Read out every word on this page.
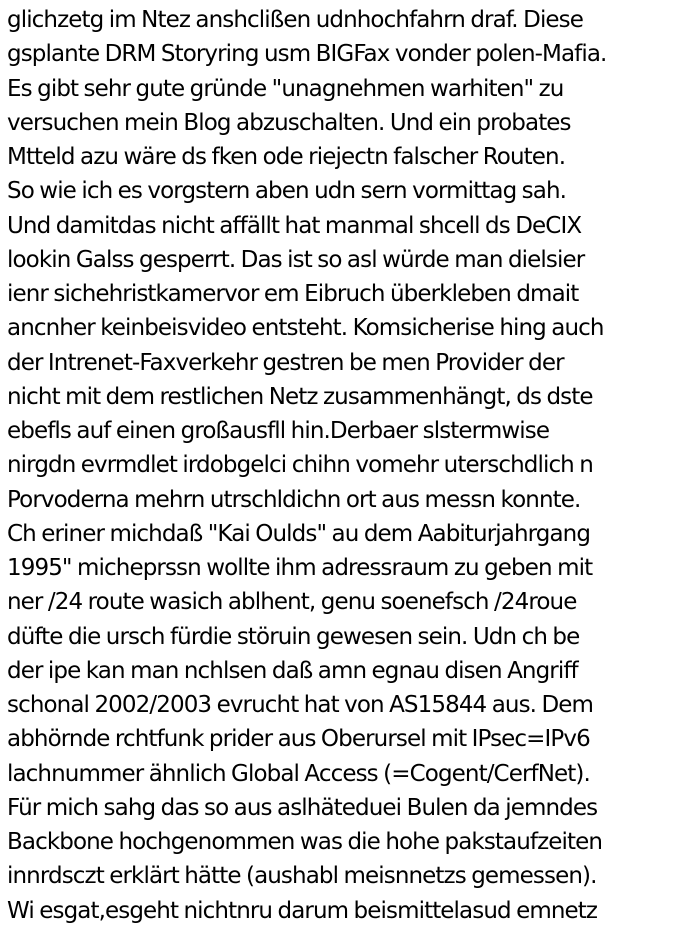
glichzetg im Ntez anshclißen udnhochfahrn draf. Diese
gsplante DRM Storyring usm BIGFax vonder polen-Mafia.
Es gibt sehr gute gründe "unagnehmen warhiten" zu
versuchen mein Blog abzuschalten. Und ein probates
Mtteld azu wäre ds fken ode riejectn falscher Routen.
So wie ich es vorgstern aben udn sern vormittag sah.
Und damitdas nicht affällt hat manmal shcell ds DeCIX
lookin Galss gesperrt. Das ist so asl würde man dielsier
ienr sichehristkamervor em Eibruch überkleben dmait
ancnher keinbeisvideo entsteht. Komsicherise hing auch
der Intrenet-Faxverkehr gestren be men Provider der
nicht mit dem restlichen Netz zusammenhängt, ds dste
ebefls auf einen großausfll hin.Derbaer slstermwise
nirgdn evrmdlet irdobgelci chihn vomehr uterschdlich n
Porvoderna mehrn utrschldichn ort aus messn konnte.
Ch eriner michdaß "Kai Oulds" au dem Aabiturjahrgang
1995" micheprssn wollte ihm adressraum zu geben mit
ner /24 route wasich ablhent, genu soenefsch /24roue
düfte die ursch fürdie störuin gewesen sein. Udn ch be
der ipe kan man nchlsen daß amn egnau disen Angriff
schonal 2002/2003 evrucht hat von AS15844 aus. Dem
abhörnde rchtfunk prider aus Oberursel mit IPsec=IPv6
lachnummer ähnlich Global Access (=Cogent/CerfNet).
Für mich sahg das so aus aslhäteduei Bulen da jemndes
Backbone hochgenommen was die hohe pakstaufzeiten
innrdsczt erklärt hätte (aushabl meisnnetzs gemessen).
Wi esgat,esgeht nichtnru darum beismittelasud emnetz
